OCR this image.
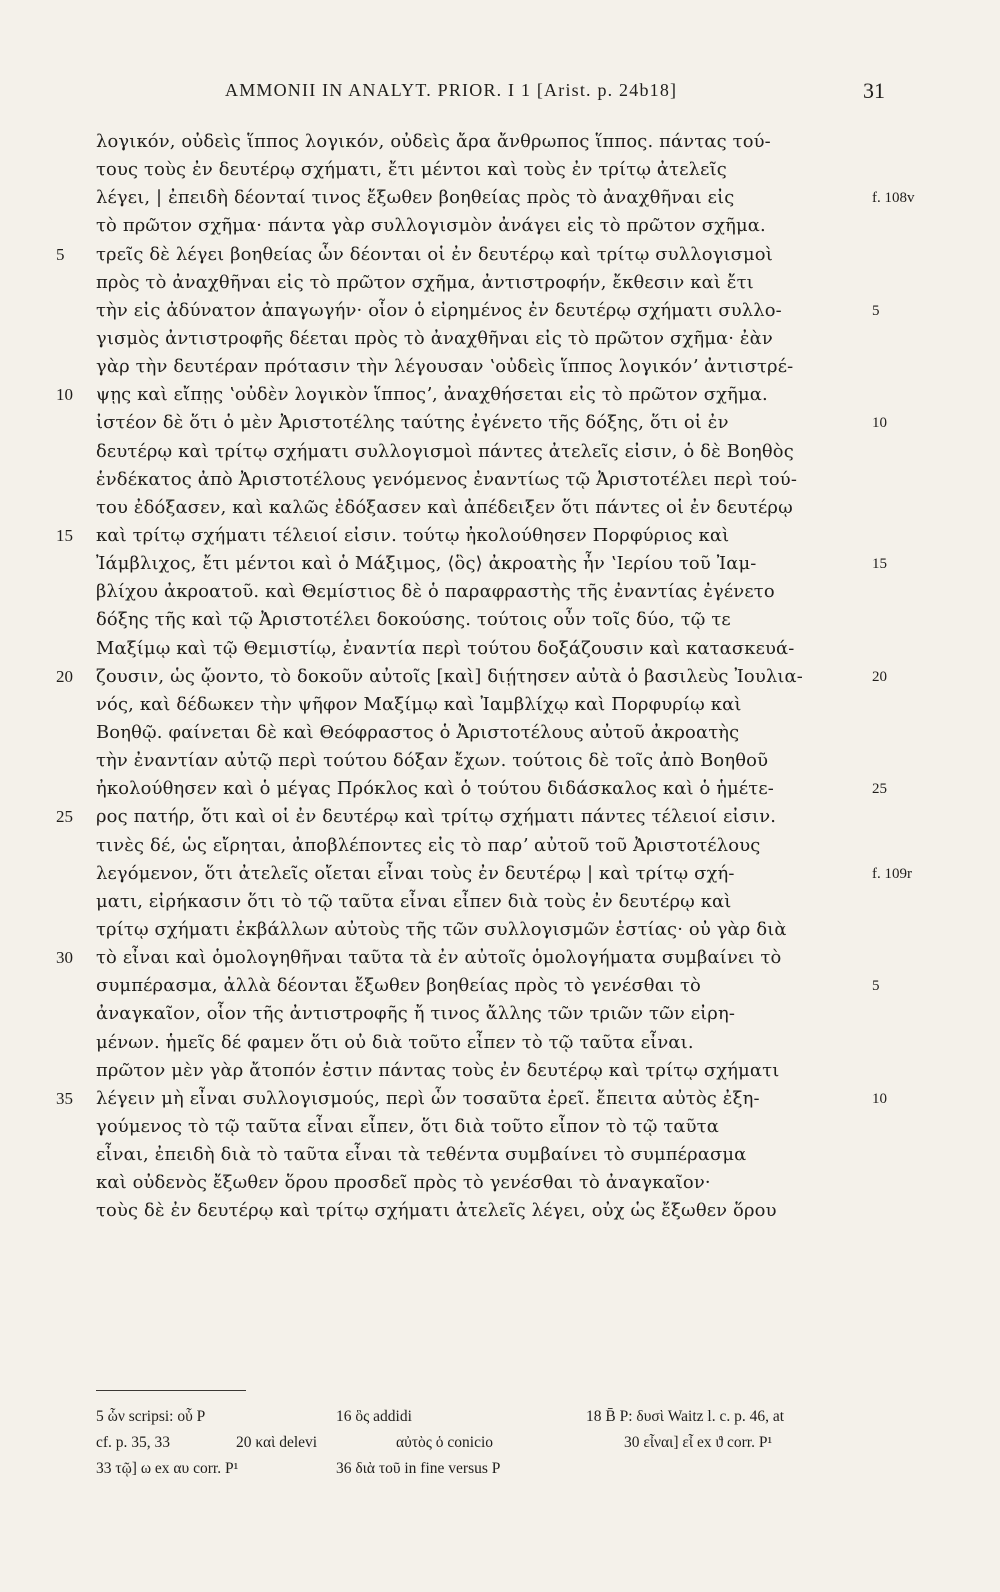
AMMONII IN ANALYT. PRIOR. I 1 [Arist. p. 24b18]	31
λογικόν, οὐδεὶς ἵππος λογικόν, οὐδεὶς ἄρα ἄνθρωπος ἵππος. πάντας τού-
τους τοὺς ἐν δευτέρῳ σχήματι, ἔτι μέντοι καὶ τοὺς ἐν τρίτῳ ἀτελεῖς
λέγει, | ἐπειδὴ δέονταί τινος ἔξωθεν βοηθείας πρὸς τὸ ἀναχθῆναι εἰς	f. 108v
τὸ πρῶτον σχῆμα· πάντα γὰρ συλλογισμὸν ἀνάγει εἰς τὸ πρῶτον σχῆμα.
5	τρεῖς δὲ λέγει βοηθείας ὧν δέονται οἱ ἐν δευτέρῳ καὶ τρίτῳ συλλογισμοὶ
πρὸς τὸ ἀναχθῆναι εἰς τὸ πρῶτον σχῆμα, ἀντιστροφήν, ἔκθεσιν καὶ ἔτι
τὴν εἰς ἀδύνατον ἀπαγωγήν· οἷον ὁ εἰρημένος ἐν δευτέρῳ σχήματι συλλο-	5
γισμὸς ἀντιστροφῆς δέεται πρὸς τὸ ἀναχθῆναι εἰς τὸ πρῶτον σχῆμα· ἐὰν
γὰρ τὴν δευτέραν πρότασιν τὴν λέγουσαν ʽοὐδεὶς ἵππος λογικόνʼ ἀντιστρέ-
10	ψῃς καὶ εἴπῃς ʽοὐδὲν λογικὸν ἵπποςʼ, ἀναχθήσεται εἰς τὸ πρῶτον σχῆμα.
ἰστέον δὲ ὅτι ὁ μὲν Ἀριστοτέλης ταύτης ἐγένετο τῆς δόξης, ὅτι οἱ ἐν	10
δευτέρῳ καὶ τρίτῳ σχήματι συλλογισμοὶ πάντες ἀτελεῖς εἰσιν, ὁ δὲ Βοηθὸς
ἑνδέκατος ἀπὸ Ἀριστοτέλους γενόμενος ἐναντίως τῷ Ἀριστοτέλει περὶ τού-
του ἐδόξασεν, καὶ καλῶς ἐδόξασεν καὶ ἀπέδειξεν ὅτι πάντες οἱ ἐν δευτέρῳ
15	καὶ τρίτῳ σχήματι τέλειοί εἰσιν. τούτῳ ἠκολούθησεν Πορφύριος καὶ
Ἰάμβλιχος, ἔτι μέντοι καὶ ὁ Μάξιμος, ⟨ὃς⟩ ἀκροατὴς ἦν ʽΙερίου τοῦ Ἰαμ-	15
βλίχου ἀκροατοῦ. καὶ Θεμίστιος δὲ ὁ παραφραστὴς τῆς ἐναντίας ἐγένετο
δόξης τῆς καὶ τῷ Ἀριστοτέλει δοκούσης. τούτοις οὖν τοῖς δύο, τῷ τε
Μαξίμῳ καὶ τῷ Θεμιστίῳ, ἐναντία περὶ τούτου δοξάζουσιν καὶ κατασκευά-
20	ζουσιν, ὡς ᾤοντο, τὸ δοκοῦν αὐτοῖς [καὶ] διῄτησεν αὐτὰ ὁ βασιλεὺς Ἰουλια-	20
νός, καὶ δέδωκεν τὴν ψῆφον Μαξίμῳ καὶ Ἰαμβλίχῳ καὶ Πορφυρίῳ καὶ
Βοηθῷ. φαίνεται δὲ καὶ Θεόφραστος ὁ Ἀριστοτέλους αὐτοῦ ἀκροατὴς
τὴν ἐναντίαν αὐτῷ περὶ τούτου δόξαν ἔχων. τούτοις δὲ τοῖς ἀπὸ Βοηθοῦ
ἠκολούθησεν καὶ ὁ μέγας Πρόκλος καὶ ὁ τούτου διδάσκαλος καὶ ὁ ἡμέτε-	25
25	ρος πατήρ, ὅτι καὶ οἱ ἐν δευτέρῳ καὶ τρίτῳ σχήματι πάντες τέλειοί εἰσιν.
τινὲς δέ, ὡς εἴρηται, ἀποβλέποντες εἰς τὸ παρʼ αὐτοῦ τοῦ Ἀριστοτέλους
λεγόμενον, ὅτι ἀτελεῖς οἴεται εἶναι τοὺς ἐν δευτέρῳ | καὶ τρίτῳ σχή-	f. 109r
ματι, εἰρήκασιν ὅτι τὸ τῷ ταῦτα εἶναι εἶπεν διὰ τοὺς ἐν δευτέρῳ καὶ
τρίτῳ σχήματι ἐκβάλλων αὐτοὺς τῆς τῶν συλλογισμῶν ἑστίας· οὐ γὰρ διὰ
30	τὸ εἶναι καὶ ὁμολογηθῆναι ταῦτα τὰ ἐν αὐτοῖς ὁμολογήματα συμβαίνει τὸ
συμπέρασμα, ἀλλὰ δέονται ἔξωθεν βοηθείας πρὸς τὸ γενέσθαι τὸ	5
ἀναγκαῖον, οἷον τῆς ἀντιστροφῆς ἤ τινος ἄλλης τῶν τριῶν τῶν εἰρη-
μένων. ἡμεῖς δέ φαμεν ὅτι οὐ διὰ τοῦτο εἶπεν τὸ τῷ ταῦτα εἶναι.
πρῶτον μὲν γὰρ ἄτοπόν ἐστιν πάντας τοὺς ἐν δευτέρῳ καὶ τρίτῳ σχήματι
35	λέγειν μὴ εἶναι συλλογισμούς, περὶ ὧν τοσαῦτα ἐρεῖ. ἔπειτα αὐτὸς ἐξη-	10
γούμενος τὸ τῷ ταῦτα εἶναι εἶπεν, ὅτι διὰ τοῦτο εἶπον τὸ τῷ ταῦτα
εἶναι, ἐπειδὴ διὰ τὸ ταῦτα εἶναι τὰ τεθέντα συμβαίνει τὸ συμπέρασμα
καὶ οὐδενὸς ἔξωθεν ὅρου προσδεῖ πρὸς τὸ γενέσθαι τὸ ἀναγκαῖον·
τοὺς δὲ ἐν δευτέρῳ καὶ τρίτῳ σχήματι ἀτελεῖς λέγει, οὐχ ὡς ἔξωθεν ὅρου
5 ὧν scripsi: οὗ P	16 ὃς addidi	18 B̄ P: δυσὶ Waitz l. c. p. 46, at
cf. p. 35, 33	20 καὶ delevi	αὐτὸς ὁ conicio	30 εἶναι] εἶ ex ϑ corr. P¹
33 τῷ] ω ex αυ corr. P¹	36 διὰ τοῦ in fine versus P
